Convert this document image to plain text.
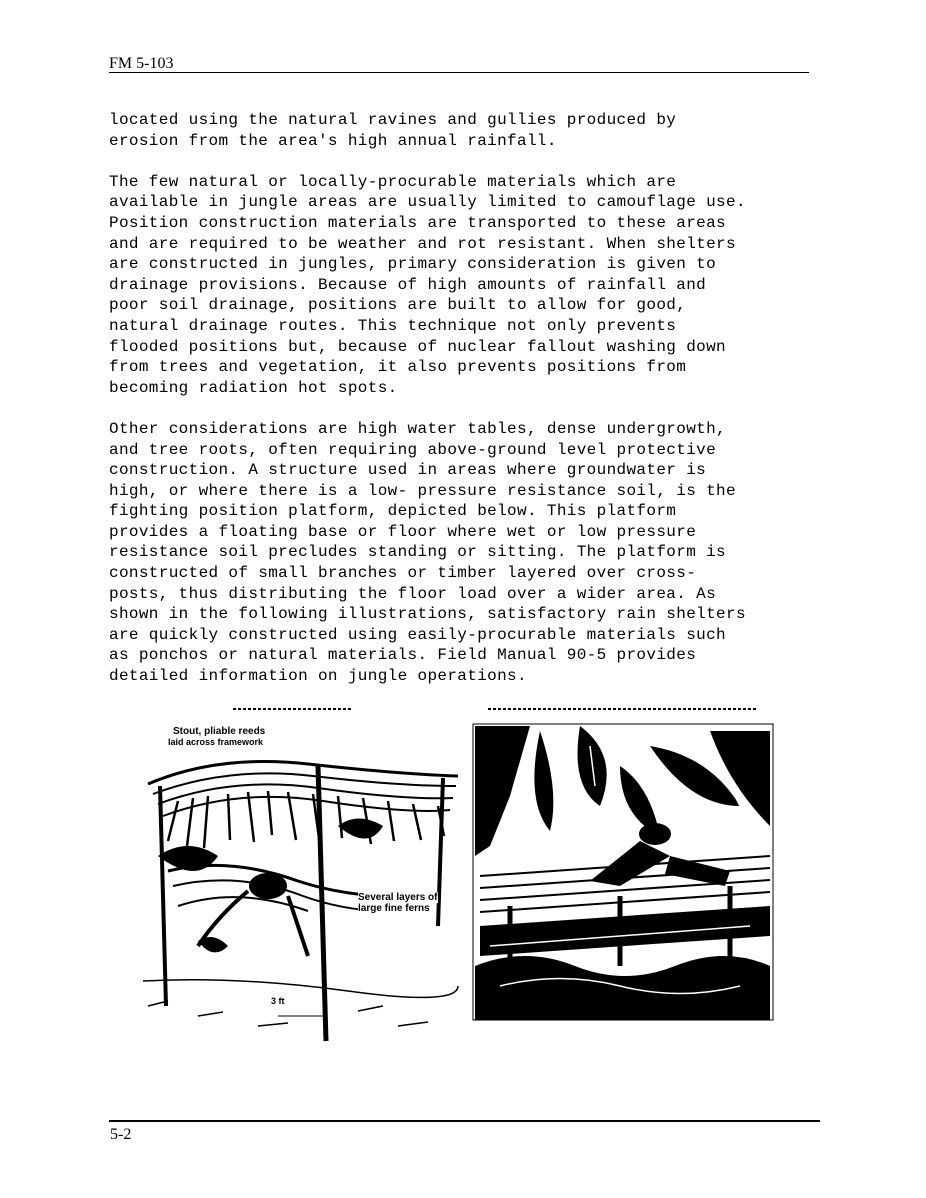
FM 5-103

located using the natural ravines and gullies produced by
erosion from the area's high annual rainfall.

The few natural or locally-procurable materials which are
available in jungle areas are usually limited to camouflage use.
Position construction materials are transported to these areas
and are required to be weather and rot resistant. When shelters
are constructed in jungles, primary consideration is given to
drainage provisions. Because of high amounts of rainfall and
poor soil drainage, positions are built to allow for good,
natural drainage routes. This technique not only prevents
flooded positions but, because of nuclear fallout washing down
from trees and vegetation, it also prevents positions from
becoming radiation hot spots.

Other considerations are high water tables, dense undergrowth,
and tree roots, often requiring above-ground level protective
construction. A structure used in areas where groundwater is
high, or where there is a low- pressure resistance soil, is the
fighting position platform, depicted below. This platform
provides a floating base or floor where wet or low pressure
resistance soil precludes standing or sitting. The platform is
constructed of small branches or timber layered over cross-
posts, thus distributing the floor load over a wider area. As
shown in the following illustrations, satisfactory rain shelters
are quickly constructed using easily-procurable materials such
as ponchos or natural materials. Field Manual 90-5 provides
detailed information on jungle operations.

Stout, pliable reeds
laid across framework
Several layers of
large fine ferns
3 ft
5-2
